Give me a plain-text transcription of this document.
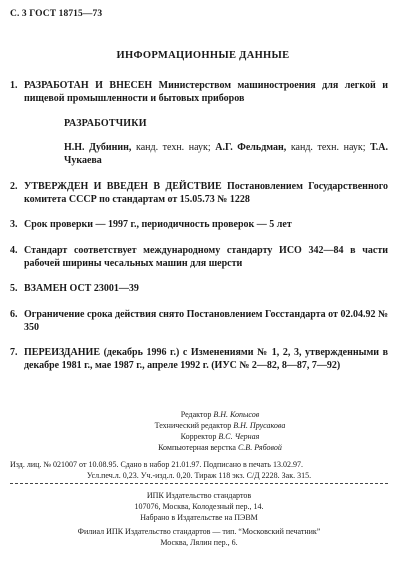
С. 3 ГОСТ 18715—73
ИНФОРМАЦИОННЫЕ ДАННЫЕ
1. РАЗРАБОТАН И ВНЕСЕН Министерством машиностроения для легкой и пищевой промышленности и бытовых приборов
РАЗРАБОТЧИКИ
Н.Н. Дубинин, канд. техн. наук; А.Г. Фельдман, канд. техн. наук; Т.А. Чукаева
2. УТВЕРЖДЕН И ВВЕДЕН В ДЕЙСТВИЕ Постановлением Государственного комитета СССР по стандартам от 15.05.73 № 1228
3. Срок проверки — 1997 г., периодичность проверок — 5 лет
4. Стандарт соответствует международному стандарту ИСО 342—84 в части рабочей ширины чесальных машин для шерсти
5. ВЗАМЕН ОСТ 23001—39
6. Ограничение срока действия снято Постановлением Госстандарта от 02.04.92 № 350
7. ПЕРЕИЗДАНИЕ (декабрь 1996 г.) с Изменениями № 1, 2, 3, утвержденными в декабре 1981 г., мае 1987 г., апреле 1992 г. (ИУС № 2—82, 8—87, 7—92)
Редактор В.Н. Копысов
Технический редактор В.Н. Прусакова
Корректор В.С. Черная
Компьютерная верстка С.В. Рябовой
Изд. лиц. № 021007 от 10.08.95. Сдано в набор 21.01.97. Подписано в печать 13.02.97.
Усл.печ.л. 0,23. Уч.-изд.л. 0,20. Тираж 118 экз. С/Д 2228. Зак. 315.
ИПК Издательство стандартов
107076, Москва, Колодезный пер., 14.
Набрано в Издательстве на ПЭВМ
Филиал ИПК Издательство стандартов — тип. “Московский печатник”
Москва, Лялин пер., 6.
